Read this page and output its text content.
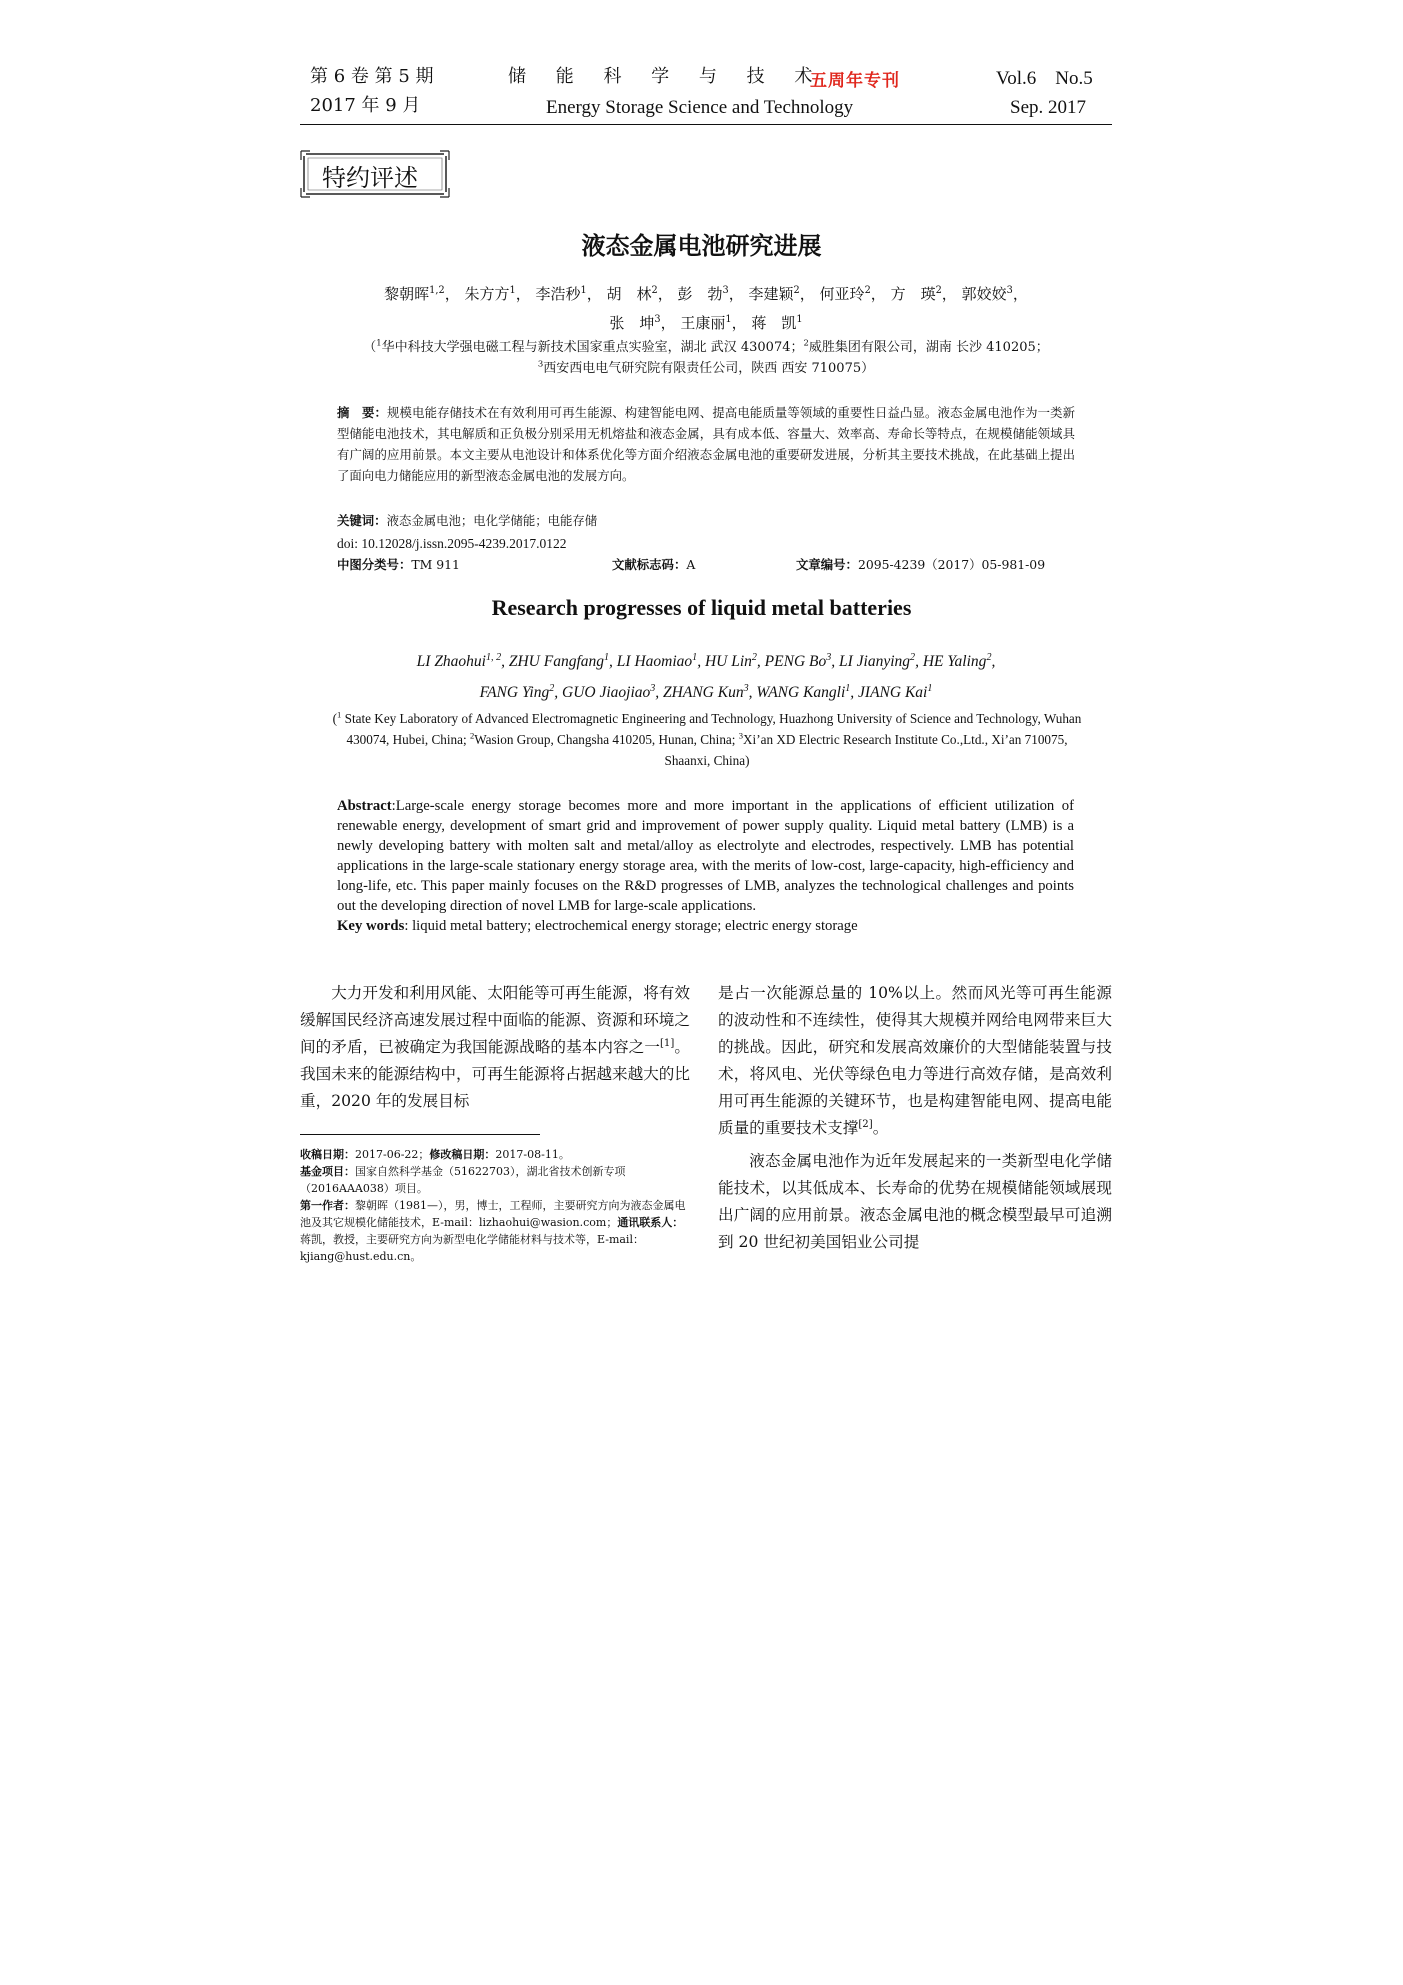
第 6 卷 第 5 期
2017 年 9 月
储 能 科 学 与 技 术
五周年专刊
Energy Storage Science and Technology
Vol.6    No.5
Sep. 2017
特约评述
液态金属电池研究进展
黎朝晖$^{1,2}$， 朱方方$^1$， 李浩秒$^1$， 胡　林$^2$， 彭　勃$^3$， 李建颖$^2$， 何亚玲$^2$， 方　瑛$^2$， 郭姣姣$^3$，
张　坤$^3$， 王康丽$^1$， 蒋　凯$^1$
（$^1$华中科技大学强电磁工程与新技术国家重点实验室，湖北 武汉 430074；$^2$威胜集团有限公司，湖南 长沙 410205；
$^3$西安西电电气研究院有限责任公司，陕西 西安 710075）
摘　要：规模电能存储技术在有效利用可再生能源、构建智能电网、提高电能质量等领域的重要性日益凸显。液态金属电池作为一类新型储能电池技术，其电解质和正负极分别采用无机熔盐和液态金属，具有成本低、容量大、效率高、寿命长等特点，在规模储能领域具有广阔的应用前景。本文主要从电池设计和体系优化等方面介绍液态金属电池的重要研发进展，分析其主要技术挑战，在此基础上提出了面向电力储能应用的新型液态金属电池的发展方向。
关键词：液态金属电池；电化学储能；电能存储
doi: 10.12028/j.issn.2095-4239.2017.0122
中图分类号：TM 911	文献标志码：A	文章编号：2095-4239（2017）05-981-09
Research progresses of liquid metal batteries
LI Zhaohui$^{1, 2}$, ZHU Fangfang$^1$, LI Haomiao$^1$, HU Lin$^2$, PENG Bo$^3$, LI Jianying$^2$, HE Yaling$^2$,
FANG Ying$^2$, GUO Jiaojiao$^3$, ZHANG Kun$^3$, WANG Kangli$^1$, JIANG Kai$^1$
($^1$ State Key Laboratory of Advanced Electromagnetic Engineering and Technology, Huazhong University of Science and Technology, Wuhan 430074, Hubei, China; $^2$Wasion Group, Changsha 410205, Hunan, China; $^3$Xi’an XD Electric Research Institute Co.,Ltd., Xi’an 710075, Shaanxi, China)
Abstract:Large-scale energy storage becomes more and more important in the applications of efficient utilization of renewable energy, development of smart grid and improvement of power supply quality. Liquid metal battery (LMB) is a newly developing battery with molten salt and metal/alloy as electrolyte and electrodes, respectively. LMB has potential applications in the large-scale stationary energy storage area, with the merits of low-cost, large-capacity, high-efficiency and long-life, etc. This paper mainly focuses on the R&D progresses of LMB, analyzes the technological challenges and points out the developing direction of novel LMB for large-scale applications.
Key words: liquid metal battery; electrochemical energy storage; electric energy storage

大力开发和利用风能、太阳能等可再生能源，将有效缓解国民经济高速发展过程中面临的能源、资源和环境之间的矛盾，已被确定为我国能源战略的基本内容之一[1]。我国未来的能源结构中，可再生能源将占据越来越大的比重，2020 年的发展目标

收稿日期：2017-06-22；修改稿日期：2017-08-11。
基金项目：国家自然科学基金（51622703），湖北省技术创新专项（2016AAA038）项目。
第一作者：黎朝晖（1981—），男，博士，工程师，主要研究方向为液态金属电池及其它规模化储能技术，E-mail：lizhaohui@wasion.com；通讯联系人：蒋凯，教授，主要研究方向为新型电化学储能材料与技术等，E-mail：kjiang@hust.edu.cn。

是占一次能源总量的 10%以上。然而风光等可再生能源的波动性和不连续性，使得其大规模并网给电网带来巨大的挑战。因此，研究和发展高效廉价的大型储能装置与技术，将风电、光伏等绿色电力等进行高效存储，是高效利用可再生能源的关键环节，也是构建智能电网、提高电能质量的重要技术支撑[2]。

液态金属电池作为近年发展起来的一类新型电化学储能技术，以其低成本、长寿命的优势在规模储能领域展现出广阔的应用前景。液态金属电池的概念模型最早可追溯到 20 世纪初美国铝业公司提
